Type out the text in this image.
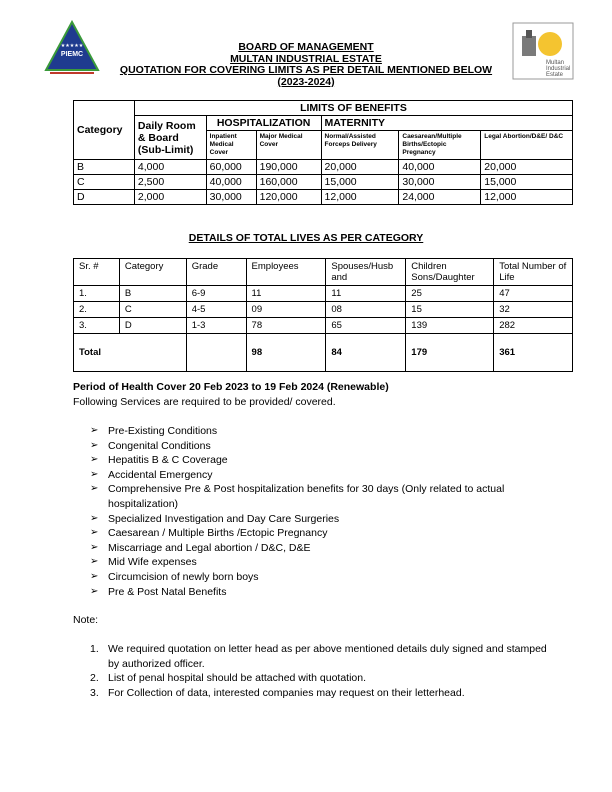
PIEMC
★★★★★
Multan
Industrial
Estate
BOARD OF MANAGEMENT
MULTAN INDUSTRIAL ESTATE
QUOTATION FOR COVERING LIMITS AS PER DETAIL MENTIONED BELOW
(2023-2024)
Category	LIMITS OF BENEFITS					
	Daily Room & Board (Sub-Limit)	HOSPITALIZATION		MATERNITY		
		Inpatient Medical Cover	Major Medical Cover	Normal/Assisted Forceps Delivery	Caesarean/Multiple Births/Ectopic Pregnancy	Legal Abortion/D&E/ D&C
B	4,000	60,000	190,000	20,000	40,000	20,000
C	2,500	40,000	160,000	15,000	30,000	15,000
D	2,000	30,000	120,000	12,000	24,000	12,000
DETAILS OF TOTAL LIVES AS PER CATEGORY
Sr. #	Category	Grade	Employees	Spouses/Husb and	Children Sons/Daughter	Total Number of Life
1.	B	6-9	11	11	25	47
2.	C	4-5	09	08	15	32
3.	D	1-3	78	65	139	282
Total			98	84	179	361
Period of Health Cover 20 Feb 2023 to 19 Feb 2024 (Renewable)
Following Services are required to be provided/ covered.
➢ Pre-Existing Conditions
➢ Congenital Conditions
➢ Hepatitis B & C Coverage
➢ Accidental Emergency
➢ Comprehensive Pre & Post hospitalization benefits for 30 days (Only related to actual hospitalization)
➢ Specialized Investigation and Day Care Surgeries
➢ Caesarean / Multiple Births /Ectopic Pregnancy
➢ Miscarriage and Legal abortion / D&C, D&E
➢ Mid Wife expenses
➢ Circumcision of newly born boys
➢ Pre & Post Natal Benefits
Note:
1. We required quotation on letter head as per above mentioned details duly signed and stamped by authorized officer.
2. List of penal hospital should be attached with quotation.
3. For Collection of data, interested companies may request on their letterhead.
